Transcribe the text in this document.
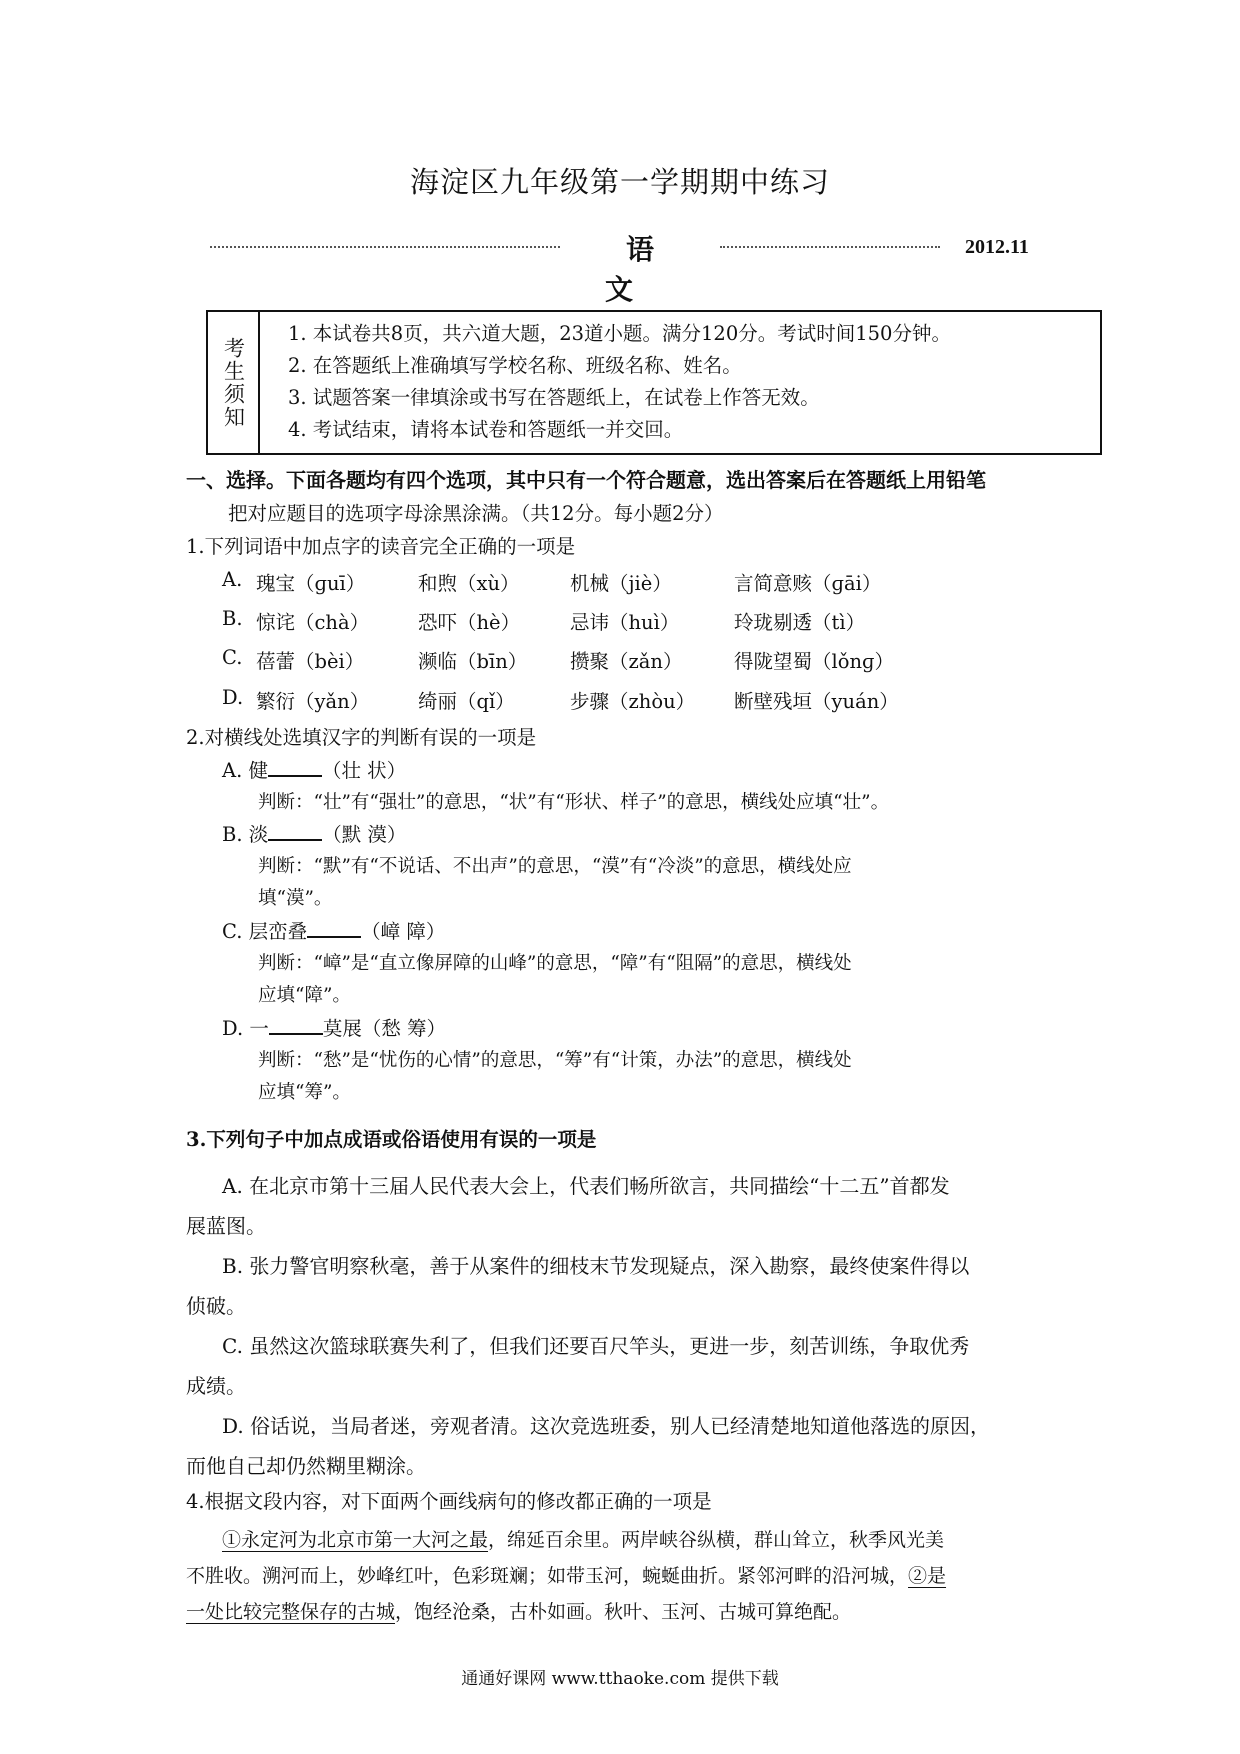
海淀区九年级第一学期期中练习
语文
2012.11
考生须知
1. 本试卷共8页，共六道大题，23道小题。满分120分。考试时间150分钟。
2. 在答题纸上准确填写学校名称、班级名称、姓名。
3. 试题答案一律填涂或书写在答题纸上，在试卷上作答无效。
4. 考试结束，请将本试卷和答题纸一并交回。
一、选择。下面各题均有四个选项，其中只有一个符合题意，选出答案后在答题纸上用铅笔
把对应题目的选项字母涂黑涂满。（共12分。每小题2分）
1.下列词语中加点字的读音完全正确的一项是
A. 瑰宝（ɡuī）	和煦（xù）	机械（jiè）	言简意赅（ɡāi）
B. 惊诧（chà）	恐吓（hè）	忌讳（huì）	玲珑剔透（tì）
C. 蓓蕾（bèi）	濒临（bīn） 攒聚（zǎn）	得陇望蜀（lǒnɡ）
D. 繁衍（yǎn）	绮丽（qǐ）	步骤（zhòu） 断壁残垣（yuán）
2.对横线处选填汉字的判断有误的一项是
A. 健	（壮 状）
判断：“壮”有“强壮”的意思，“状”有“形状、样子”的意思，横线处应填“壮”。
B. 淡	（默 漠）
判断：“默”有“不说话、不出声”的意思，“漠”有“冷淡”的意思，横线处应
填“漠”。
C. 层峦叠	（嶂 障）
判断：“嶂”是“直立像屏障的山峰”的意思，“障”有“阻隔”的意思，横线处
应填“障”。
D. 一	莫展（愁 筹）
判断：“愁”是“忧伤的心情”的意思，“筹”有“计策，办法”的意思，横线处
应填“筹”。
3.下列句子中加点成语或俗语使用有误的一项是
A. 在北京市第十三届人民代表大会上，代表们畅所欲言，共同描绘“十二五”首都发
展蓝图。
B. 张力警官明察秋毫，善于从案件的细枝末节发现疑点，深入勘察，最终使案件得以
侦破。
C. 虽然这次篮球联赛失利了，但我们还要百尺竿头，更进一步，刻苦训练，争取优秀
成绩。
D. 俗话说，当局者迷，旁观者清。这次竞选班委，别人已经清楚地知道他落选的原因，
而他自己却仍然糊里糊涂。
4.根据文段内容，对下面两个画线病句的修改都正确的一项是
①永定河为北京市第一大河之最，绵延百余里。两岸峡谷纵横，群山耸立，秋季风光美
不胜收。溯河而上，妙峰红叶，色彩斑斓；如带玉河，蜿蜒曲折。紧邻河畔的沿河城，②是
一处比较完整保存的古城，饱经沧桑，古朴如画。秋叶、玉河、古城可算绝配。
通通好课网 www.tthaoke.com 提供下载
